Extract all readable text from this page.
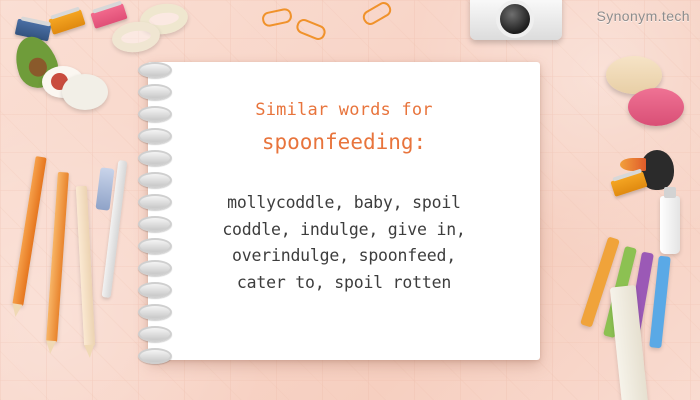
Similar words for
spoonfeeding:
mollycoddle, baby, spoil
coddle, indulge, give in,
overindulge, spoonfeed,
cater to, spoil rotten
Synonym.tech
